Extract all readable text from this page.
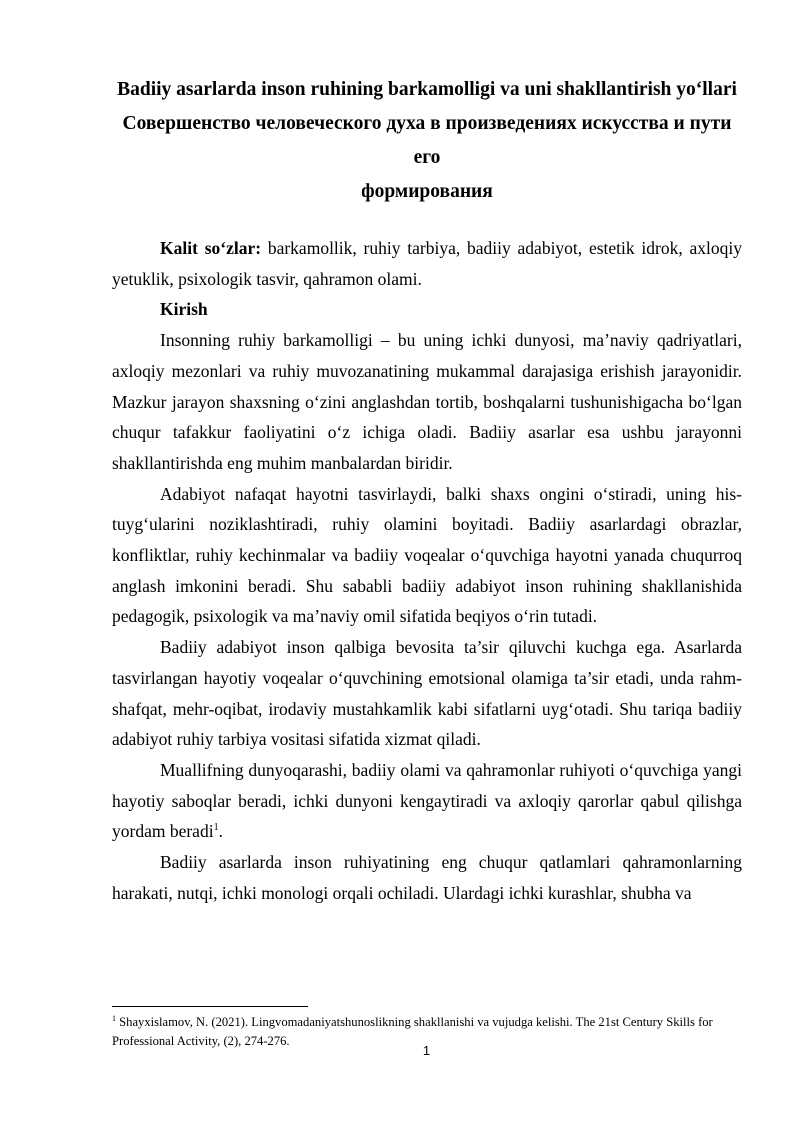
Badiiy asarlarda inson ruhining barkamolligi va uni shakllantirish yo‘llari
Совершенство человеческого духа в произведениях искусства и пути его
формирования

Kalit so‘zlar: barkamollik, ruhiy tarbiya, badiiy adabiyot, estetik idrok, axloqiy yetuklik, psixologik tasvir, qahramon olami.

Kirish

Insonning ruhiy barkamolligi – bu uning ichki dunyosi, ma’naviy qadriyatlari, axloqiy mezonlari va ruhiy muvozanatining mukammal darajasiga erishish jarayonidir. Mazkur jarayon shaxsning o‘zini anglashdan tortib, boshqalarni tushunishigacha bo‘lgan chuqur tafakkur faoliyatini o‘z ichiga oladi. Badiiy asarlar esa ushbu jarayonni shakllantirishda eng muhim manbalardan biridir.

Adabiyot nafaqat hayotni tasvirlaydi, balki shaxs ongini o‘stiradi, uning his-tuyg‘ularini noziklashtiradi, ruhiy olamini boyitadi. Badiiy asarlardagi obrazlar, konfliktlar, ruhiy kechinmalar va badiiy voqealar o‘quvchiga hayotni yanada chuqurroq anglash imkonini beradi. Shu sababli badiiy adabiyot inson ruhining shakllanishida pedagogik, psixologik va ma’naviy omil sifatida beqiyos o‘rin tutadi.

Badiiy adabiyot inson qalbiga bevosita ta’sir qiluvchi kuchga ega. Asarlarda tasvirlangan hayotiy voqealar o‘quvchining emotsional olamiga ta’sir etadi, unda rahm-shafqat, mehr-oqibat, irodaviy mustahkamlik kabi sifatlarni uyg‘otadi. Shu tariqa badiiy adabiyot ruhiy tarbiya vositasi sifatida xizmat qiladi.

Muallifning dunyoqarashi, badiiy olami va qahramonlar ruhiyoti o‘quvchiga yangi hayotiy saboqlar beradi, ichki dunyoni kengaytiradi va axloqiy qarorlar qabul qilishga yordam beradi$^1$.

Badiiy asarlarda inson ruhiyatining eng chuqur qatlamlari qahramonlarning harakati, nutqi, ichki monologi orqali ochiladi. Ulardagi ichki kurashlar, shubha va

$^1$ Shayxislamov, N. (2021). Lingvomadaniyatshunoslikning shakllanishi va vujudga kelishi. The 21st Century Skills for Professional Activity, (2), 274-276.
1
